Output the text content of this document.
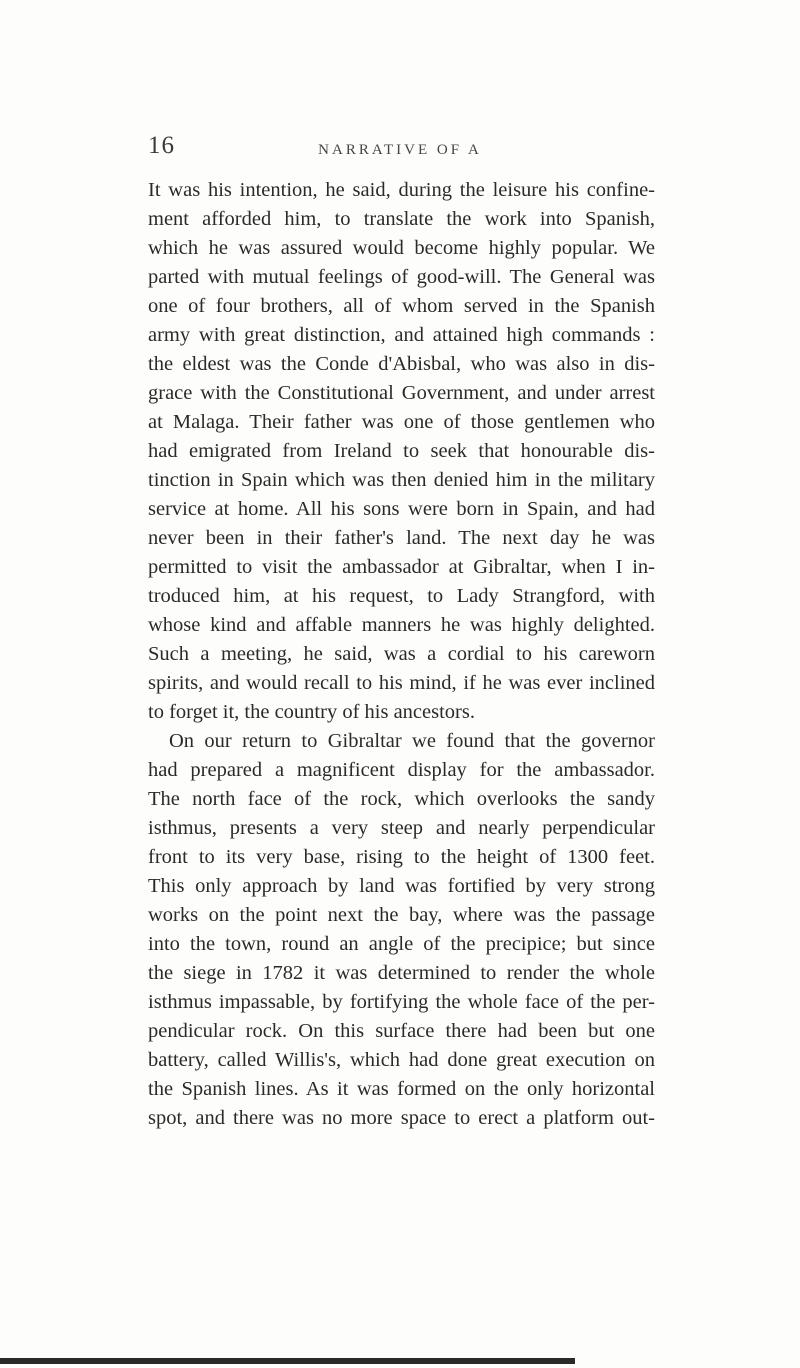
16	NARRATIVE OF A
It was his intention, he said, during the leisure his confine-
ment afforded him, to translate the work into Spanish,
which he was assured would become highly popular. We
parted with mutual feelings of good-will. The General was
one of four brothers, all of whom served in the Spanish
army with great distinction, and attained high commands :
the eldest was the Conde d'Abisbal, who was also in dis-
grace with the Constitutional Government, and under arrest
at Malaga. Their father was one of those gentlemen who
had emigrated from Ireland to seek that honourable dis-
tinction in Spain which was then denied him in the military
service at home. All his sons were born in Spain, and had
never been in their father's land. The next day he was
permitted to visit the ambassador at Gibraltar, when I in-
troduced him, at his request, to Lady Strangford, with
whose kind and affable manners he was highly delighted.
Such a meeting, he said, was a cordial to his careworn
spirits, and would recall to his mind, if he was ever inclined
to forget it, the country of his ancestors.
On our return to Gibraltar we found that the governor
had prepared a magnificent display for the ambassador.
The north face of the rock, which overlooks the sandy
isthmus, presents a very steep and nearly perpendicular
front to its very base, rising to the height of 1300 feet.
This only approach by land was fortified by very strong
works on the point next the bay, where was the passage
into the town, round an angle of the precipice; but since
the siege in 1782 it was determined to render the whole
isthmus impassable, by fortifying the whole face of the per-
pendicular rock. On this surface there had been but one
battery, called Willis's, which had done great execution on
the Spanish lines. As it was formed on the only horizontal
spot, and there was no more space to erect a platform out-
